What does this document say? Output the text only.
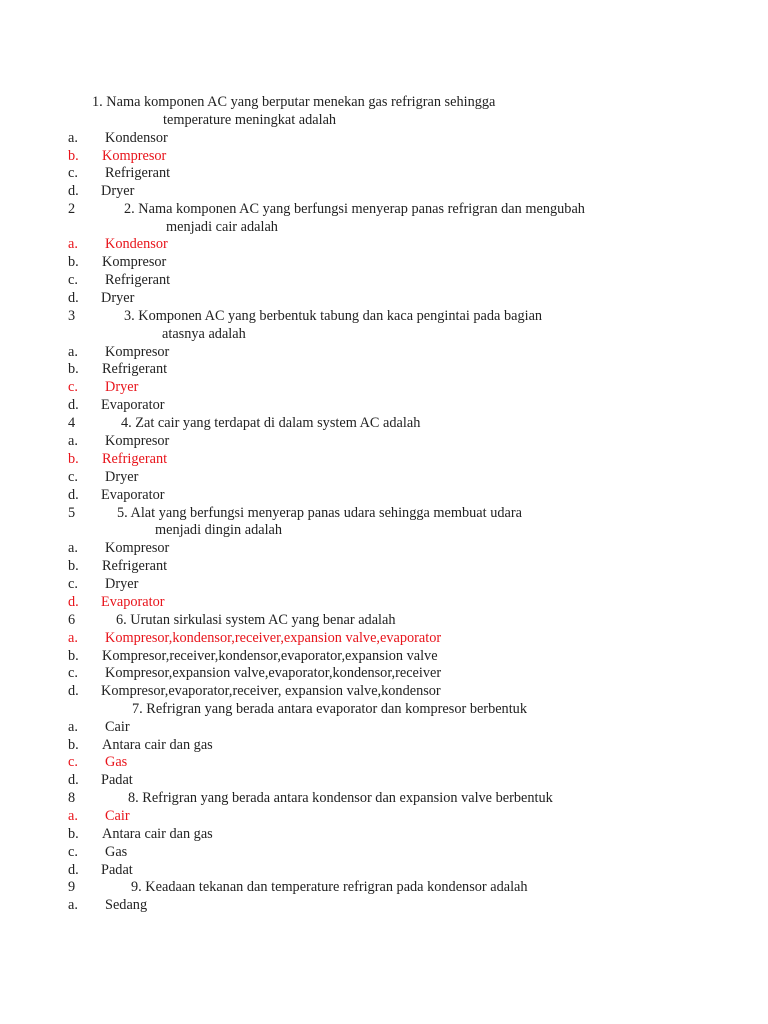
1. Nama komponen AC yang berputar menekan gas refrigran sehingga
temperature meningkat adalah
a. Kondensor
b. Kompresor
c. Refrigerant
d. Dryer
2	2. Nama komponen AC yang berfungsi menyerap panas refrigran dan mengubah
menjadi cair adalah
a. Kondensor
b. Kompresor
c. Refrigerant
d. Dryer
3	3. Komponen AC yang berbentuk tabung dan kaca pengintai pada bagian
atasnya adalah
a. Kompresor
b. Refrigerant
c. Dryer
d. Evaporator
4	4. Zat cair yang terdapat di dalam system AC adalah
a. Kompresor
b. Refrigerant
c. Dryer
d. Evaporator
5	5. Alat yang berfungsi menyerap panas udara sehingga membuat udara
menjadi dingin adalah
a. Kompresor
b. Refrigerant
c. Dryer
d. Evaporator
6	6. Urutan sirkulasi system AC yang benar adalah
a. Kompresor,kondensor,receiver,expansion valve,evaporator
b. Kompresor,receiver,kondensor,evaporator,expansion valve
c. Kompresor,expansion valve,evaporator,kondensor,receiver
d. Kompresor,evaporator,receiver, expansion valve,kondensor
7. Refrigran yang berada antara evaporator dan kompresor berbentuk
a. Cair
b. Antara cair dan gas
c. Gas
d. Padat
8	8. Refrigran yang berada antara kondensor dan expansion valve berbentuk
a. Cair
b. Antara cair dan gas
c. Gas
d. Padat
9	9. Keadaan tekanan dan temperature refrigran pada kondensor adalah
a. Sedang
